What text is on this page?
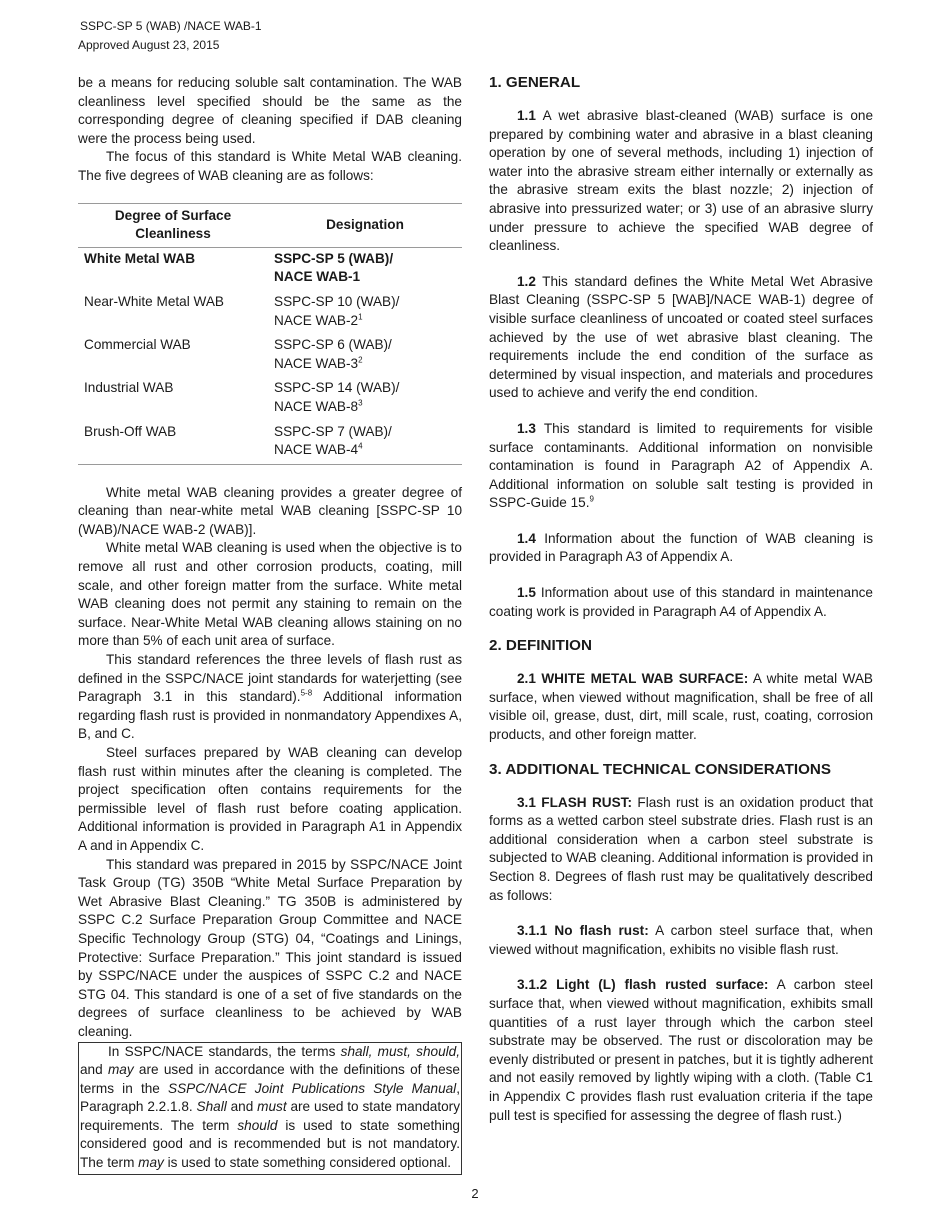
SSPC-SP 5 (WAB) /NACE WAB-1
Approved August 23, 2015

be a means for reducing soluble salt contamination. The WAB cleanliness level specified should be the same as the corresponding degree of cleaning specified if DAB cleaning were the process being used.

The focus of this standard is White Metal WAB cleaning. The five degrees of WAB cleaning are as follows:

Degree of Surface Cleanliness	Designation
White Metal WAB	SSPC-SP 5 (WAB)/
NACE WAB-1
Near-White Metal WAB	SSPC-SP 10 (WAB)/
NACE WAB-$2^1$
Commercial WAB	SSPC-SP 6 (WAB)/
NACE WAB-$3^2$
Industrial WAB	SSPC-SP 14 (WAB)/
NACE WAB-$8^3$
Brush-Off WAB	SSPC-SP 7 (WAB)/
NACE WAB-$4^4$

White metal WAB cleaning provides a greater degree of cleaning than near-white metal WAB cleaning [SSPC-SP 10 (WAB)/NACE WAB-2 (WAB)].

White metal WAB cleaning is used when the objective is to remove all rust and other corrosion products, coating, mill scale, and other foreign matter from the surface. White metal WAB cleaning does not permit any staining to remain on the surface. Near-White Metal WAB cleaning allows staining on no more than 5% of each unit area of surface.

This standard references the three levels of flash rust as defined in the SSPC/NACE joint standards for waterjetting (see Paragraph 3.1 in this standard).$^{5-8}$ Additional information regarding flash rust is provided in nonmandatory Appendixes A, B, and C.

Steel surfaces prepared by WAB cleaning can develop flash rust within minutes after the cleaning is completed. The project specification often contains requirements for the permissible level of flash rust before coating application. Additional information is provided in Paragraph A1 in Appendix A and in Appendix C.

This standard was prepared in 2015 by SSPC/NACE Joint Task Group (TG) 350B “White Metal Surface Preparation by Wet Abrasive Blast Cleaning.” TG 350B is administered by SSPC C.2 Surface Preparation Group Committee and NACE Specific Technology Group (STG) 04, “Coatings and Linings, Protective: Surface Preparation.” This joint standard is issued by SSPC/NACE under the auspices of SSPC C.2 and NACE STG 04. This standard is one of a set of five standards on the degrees of surface cleanliness to be achieved by WAB cleaning.

In SSPC/NACE standards, the terms shall, must, should, and may are used in accordance with the definitions of these terms in the SSPC/NACE Joint Publications Style Manual, Paragraph 2.2.1.8. Shall and must are used to state mandatory requirements. The term should is used to state something considered good and is recommended but is not mandatory. The term may is used to state something considered optional.

1. GENERAL

1.1 A wet abrasive blast-cleaned (WAB) surface is one prepared by combining water and abrasive in a blast cleaning operation by one of several methods, including 1) injection of water into the abrasive stream either internally or externally as the abrasive stream exits the blast nozzle; 2) injection of abrasive into pressurized water; or 3) use of an abrasive slurry under pressure to achieve the specified WAB degree of cleanliness.

1.2 This standard defines the White Metal Wet Abrasive Blast Cleaning (SSPC-SP 5 [WAB]/NACE WAB-1) degree of visible surface cleanliness of uncoated or coated steel surfaces achieved by the use of wet abrasive blast cleaning. The requirements include the end condition of the surface as determined by visual inspection, and materials and procedures used to achieve and verify the end condition.

1.3 This standard is limited to requirements for visible surface contaminants. Additional information on nonvisible contamination is found in Paragraph A2 of Appendix A. Additional information on soluble salt testing is provided in SSPC-Guide 15.$^9$

1.4 Information about the function of WAB cleaning is provided in Paragraph A3 of Appendix A.

1.5 Information about use of this standard in maintenance coating work is provided in Paragraph A4 of Appendix A.

2. DEFINITION

2.1 WHITE METAL WAB SURFACE: A white metal WAB surface, when viewed without magnification, shall be free of all visible oil, grease, dust, dirt, mill scale, rust, coating, corrosion products, and other foreign matter.

3. ADDITIONAL TECHNICAL CONSIDERATIONS

3.1 FLASH RUST: Flash rust is an oxidation product that forms as a wetted carbon steel substrate dries. Flash rust is an additional consideration when a carbon steel substrate is subjected to WAB cleaning. Additional information is provided in Section 8. Degrees of flash rust may be qualitatively described as follows:

3.1.1 No flash rust: A carbon steel surface that, when viewed without magnification, exhibits no visible flash rust.

3.1.2 Light (L) flash rusted surface: A carbon steel surface that, when viewed without magnification, exhibits small quantities of a rust layer through which the carbon steel substrate may be observed. The rust or discoloration may be evenly distributed or present in patches, but it is tightly adherent and not easily removed by lightly wiping with a cloth. (Table C1 in Appendix C provides flash rust evaluation criteria if the tape pull test is specified for assessing the degree of flash rust.)

2
